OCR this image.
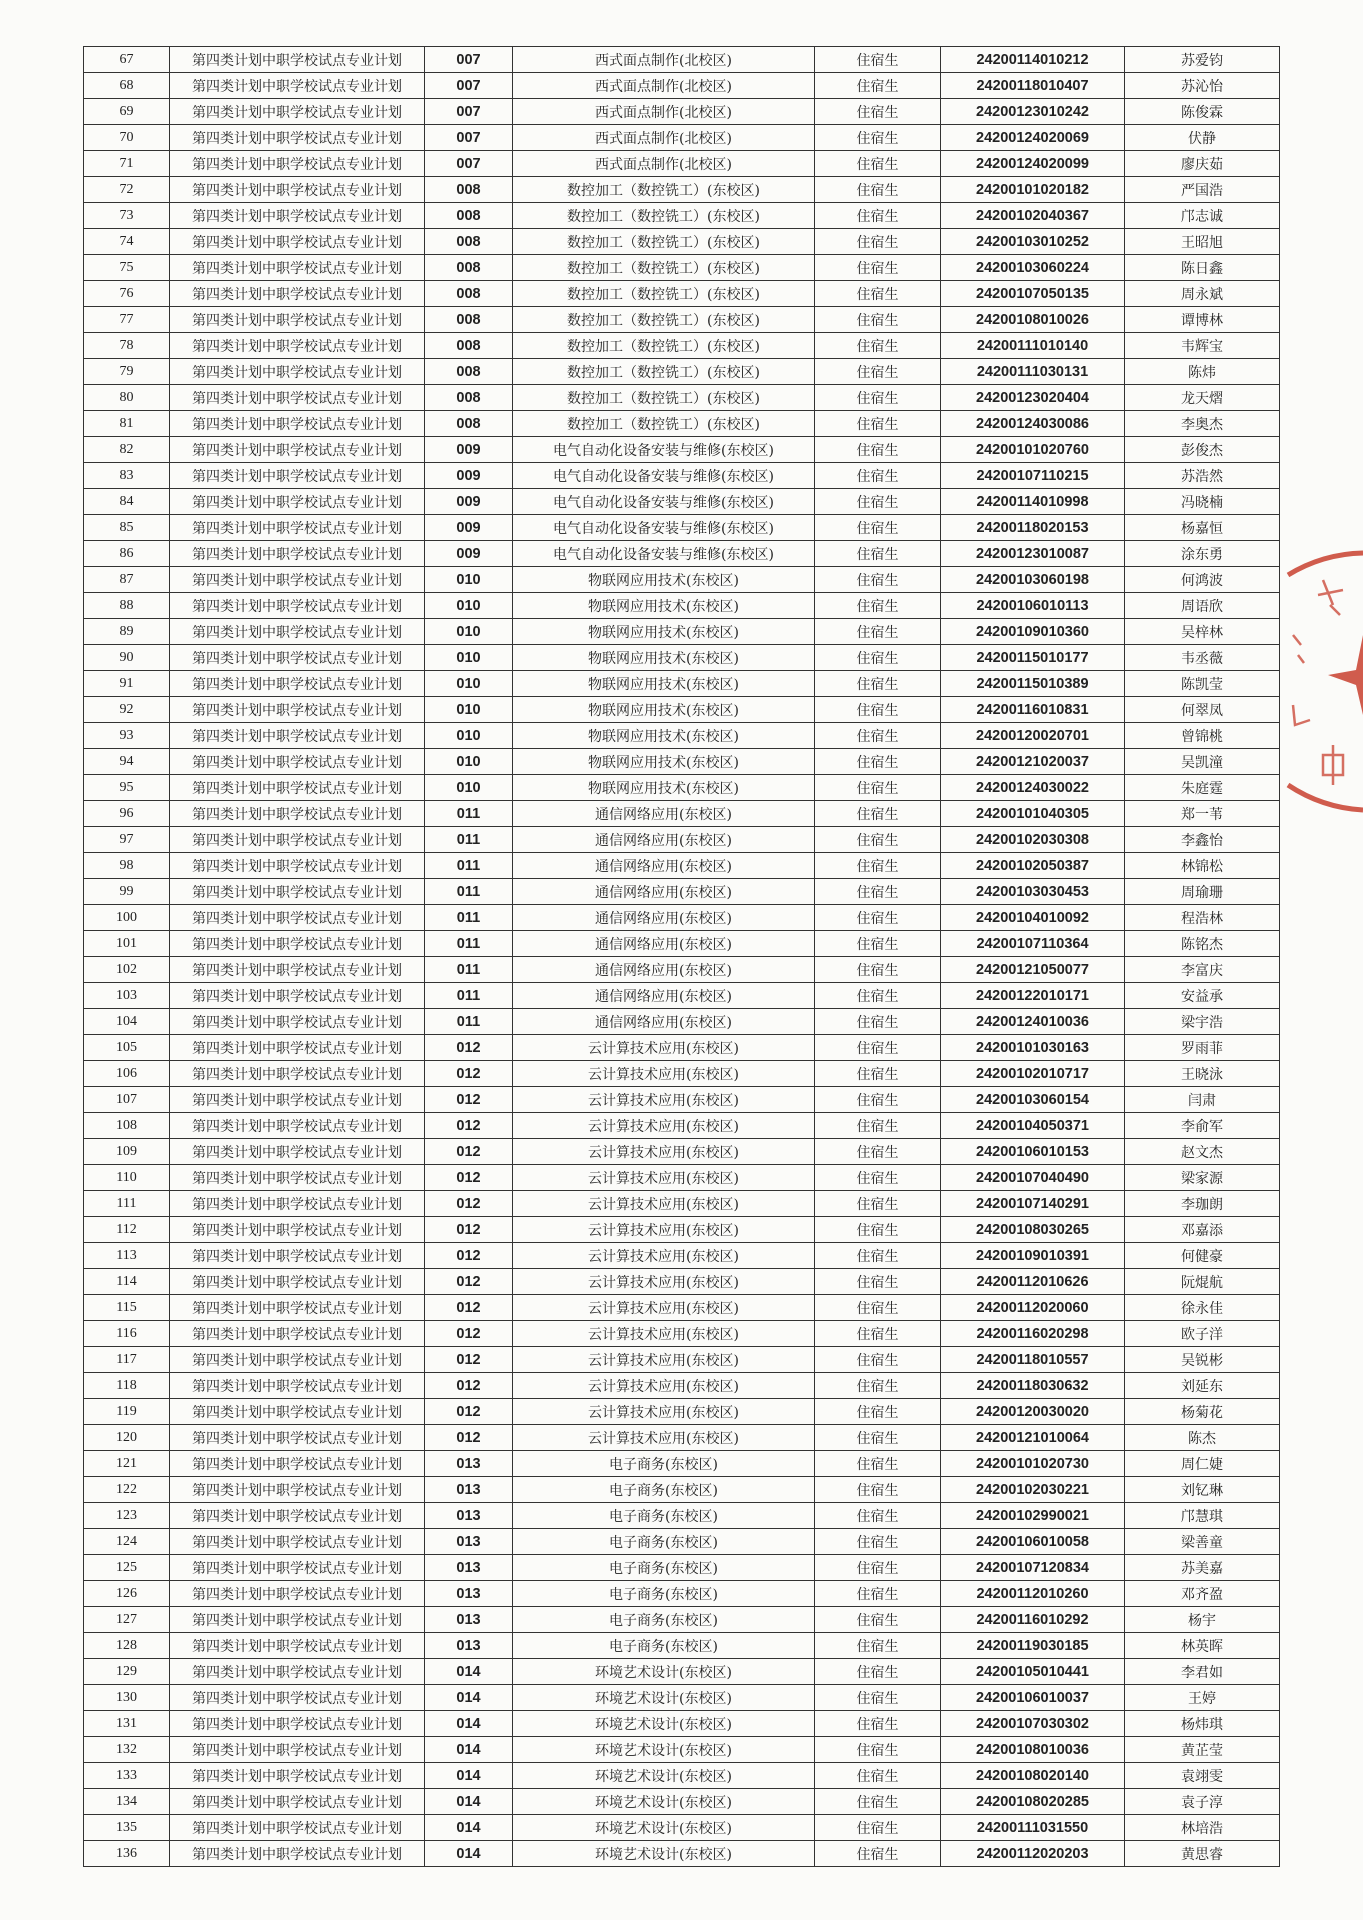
67	第四类计划中职学校试点专业计划	007	西式面点制作(北校区)	住宿生	24200114010212	苏爱钧
68	第四类计划中职学校试点专业计划	007	西式面点制作(北校区)	住宿生	24200118010407	苏沁怡
69	第四类计划中职学校试点专业计划	007	西式面点制作(北校区)	住宿生	24200123010242	陈俊霖
70	第四类计划中职学校试点专业计划	007	西式面点制作(北校区)	住宿生	24200124020069	伏静
71	第四类计划中职学校试点专业计划	007	西式面点制作(北校区)	住宿生	24200124020099	廖庆茹
72	第四类计划中职学校试点专业计划	008	数控加工（数控铣工）(东校区)	住宿生	24200101020182	严国浩
73	第四类计划中职学校试点专业计划	008	数控加工（数控铣工）(东校区)	住宿生	24200102040367	邝志诚
74	第四类计划中职学校试点专业计划	008	数控加工（数控铣工）(东校区)	住宿生	24200103010252	王昭旭
75	第四类计划中职学校试点专业计划	008	数控加工（数控铣工）(东校区)	住宿生	24200103060224	陈日鑫
76	第四类计划中职学校试点专业计划	008	数控加工（数控铣工）(东校区)	住宿生	24200107050135	周永斌
77	第四类计划中职学校试点专业计划	008	数控加工（数控铣工）(东校区)	住宿生	24200108010026	谭博林
78	第四类计划中职学校试点专业计划	008	数控加工（数控铣工）(东校区)	住宿生	24200111010140	韦辉宝
79	第四类计划中职学校试点专业计划	008	数控加工（数控铣工）(东校区)	住宿生	24200111030131	陈炜
80	第四类计划中职学校试点专业计划	008	数控加工（数控铣工）(东校区)	住宿生	24200123020404	龙天熠
81	第四类计划中职学校试点专业计划	008	数控加工（数控铣工）(东校区)	住宿生	24200124030086	李奥杰
82	第四类计划中职学校试点专业计划	009	电气自动化设备安装与维修(东校区)	住宿生	24200101020760	彭俊杰
83	第四类计划中职学校试点专业计划	009	电气自动化设备安装与维修(东校区)	住宿生	24200107110215	苏浩然
84	第四类计划中职学校试点专业计划	009	电气自动化设备安装与维修(东校区)	住宿生	24200114010998	冯晓楠
85	第四类计划中职学校试点专业计划	009	电气自动化设备安装与维修(东校区)	住宿生	24200118020153	杨嘉恒
86	第四类计划中职学校试点专业计划	009	电气自动化设备安装与维修(东校区)	住宿生	24200123010087	涂东勇
87	第四类计划中职学校试点专业计划	010	物联网应用技术(东校区)	住宿生	24200103060198	何鸿波
88	第四类计划中职学校试点专业计划	010	物联网应用技术(东校区)	住宿生	24200106010113	周语欣
89	第四类计划中职学校试点专业计划	010	物联网应用技术(东校区)	住宿生	24200109010360	吴梓林
90	第四类计划中职学校试点专业计划	010	物联网应用技术(东校区)	住宿生	24200115010177	韦丞薇
91	第四类计划中职学校试点专业计划	010	物联网应用技术(东校区)	住宿生	24200115010389	陈凯莹
92	第四类计划中职学校试点专业计划	010	物联网应用技术(东校区)	住宿生	24200116010831	何翠凤
93	第四类计划中职学校试点专业计划	010	物联网应用技术(东校区)	住宿生	24200120020701	曾锦桃
94	第四类计划中职学校试点专业计划	010	物联网应用技术(东校区)	住宿生	24200121020037	吴凯潼
95	第四类计划中职学校试点专业计划	010	物联网应用技术(东校区)	住宿生	24200124030022	朱庭霆
96	第四类计划中职学校试点专业计划	011	通信网络应用(东校区)	住宿生	24200101040305	郑一苇
97	第四类计划中职学校试点专业计划	011	通信网络应用(东校区)	住宿生	24200102030308	李鑫怡
98	第四类计划中职学校试点专业计划	011	通信网络应用(东校区)	住宿生	24200102050387	林锦松
99	第四类计划中职学校试点专业计划	011	通信网络应用(东校区)	住宿生	24200103030453	周瑜珊
100	第四类计划中职学校试点专业计划	011	通信网络应用(东校区)	住宿生	24200104010092	程浩林
101	第四类计划中职学校试点专业计划	011	通信网络应用(东校区)	住宿生	24200107110364	陈铭杰
102	第四类计划中职学校试点专业计划	011	通信网络应用(东校区)	住宿生	24200121050077	李富庆
103	第四类计划中职学校试点专业计划	011	通信网络应用(东校区)	住宿生	24200122010171	安益承
104	第四类计划中职学校试点专业计划	011	通信网络应用(东校区)	住宿生	24200124010036	梁宇浩
105	第四类计划中职学校试点专业计划	012	云计算技术应用(东校区)	住宿生	24200101030163	罗雨菲
106	第四类计划中职学校试点专业计划	012	云计算技术应用(东校区)	住宿生	24200102010717	王晓泳
107	第四类计划中职学校试点专业计划	012	云计算技术应用(东校区)	住宿生	24200103060154	闫肃
108	第四类计划中职学校试点专业计划	012	云计算技术应用(东校区)	住宿生	24200104050371	李俞军
109	第四类计划中职学校试点专业计划	012	云计算技术应用(东校区)	住宿生	24200106010153	赵文杰
110	第四类计划中职学校试点专业计划	012	云计算技术应用(东校区)	住宿生	24200107040490	梁家源
111	第四类计划中职学校试点专业计划	012	云计算技术应用(东校区)	住宿生	24200107140291	李珈朗
112	第四类计划中职学校试点专业计划	012	云计算技术应用(东校区)	住宿生	24200108030265	邓嘉添
113	第四类计划中职学校试点专业计划	012	云计算技术应用(东校区)	住宿生	24200109010391	何健豪
114	第四类计划中职学校试点专业计划	012	云计算技术应用(东校区)	住宿生	24200112010626	阮焜航
115	第四类计划中职学校试点专业计划	012	云计算技术应用(东校区)	住宿生	24200112020060	徐永佳
116	第四类计划中职学校试点专业计划	012	云计算技术应用(东校区)	住宿生	24200116020298	欧子洋
117	第四类计划中职学校试点专业计划	012	云计算技术应用(东校区)	住宿生	24200118010557	吴锐彬
118	第四类计划中职学校试点专业计划	012	云计算技术应用(东校区)	住宿生	24200118030632	刘延东
119	第四类计划中职学校试点专业计划	012	云计算技术应用(东校区)	住宿生	24200120030020	杨菊花
120	第四类计划中职学校试点专业计划	012	云计算技术应用(东校区)	住宿生	24200121010064	陈杰
121	第四类计划中职学校试点专业计划	013	电子商务(东校区)	住宿生	24200101020730	周仁婕
122	第四类计划中职学校试点专业计划	013	电子商务(东校区)	住宿生	24200102030221	刘钇琳
123	第四类计划中职学校试点专业计划	013	电子商务(东校区)	住宿生	24200102990021	邝慧琪
124	第四类计划中职学校试点专业计划	013	电子商务(东校区)	住宿生	24200106010058	梁善童
125	第四类计划中职学校试点专业计划	013	电子商务(东校区)	住宿生	24200107120834	苏美嘉
126	第四类计划中职学校试点专业计划	013	电子商务(东校区)	住宿生	24200112010260	邓齐盈
127	第四类计划中职学校试点专业计划	013	电子商务(东校区)	住宿生	24200116010292	杨宇
128	第四类计划中职学校试点专业计划	013	电子商务(东校区)	住宿生	24200119030185	林英晖
129	第四类计划中职学校试点专业计划	014	环境艺术设计(东校区)	住宿生	24200105010441	李君如
130	第四类计划中职学校试点专业计划	014	环境艺术设计(东校区)	住宿生	24200106010037	王婷
131	第四类计划中职学校试点专业计划	014	环境艺术设计(东校区)	住宿生	24200107030302	杨炜琪
132	第四类计划中职学校试点专业计划	014	环境艺术设计(东校区)	住宿生	24200108010036	黄芷莹
133	第四类计划中职学校试点专业计划	014	环境艺术设计(东校区)	住宿生	24200108020140	袁翊雯
134	第四类计划中职学校试点专业计划	014	环境艺术设计(东校区)	住宿生	24200108020285	袁子淳
135	第四类计划中职学校试点专业计划	014	环境艺术设计(东校区)	住宿生	24200111031550	林培浩
136	第四类计划中职学校试点专业计划	014	环境艺术设计(东校区)	住宿生	24200112020203	黄思睿
